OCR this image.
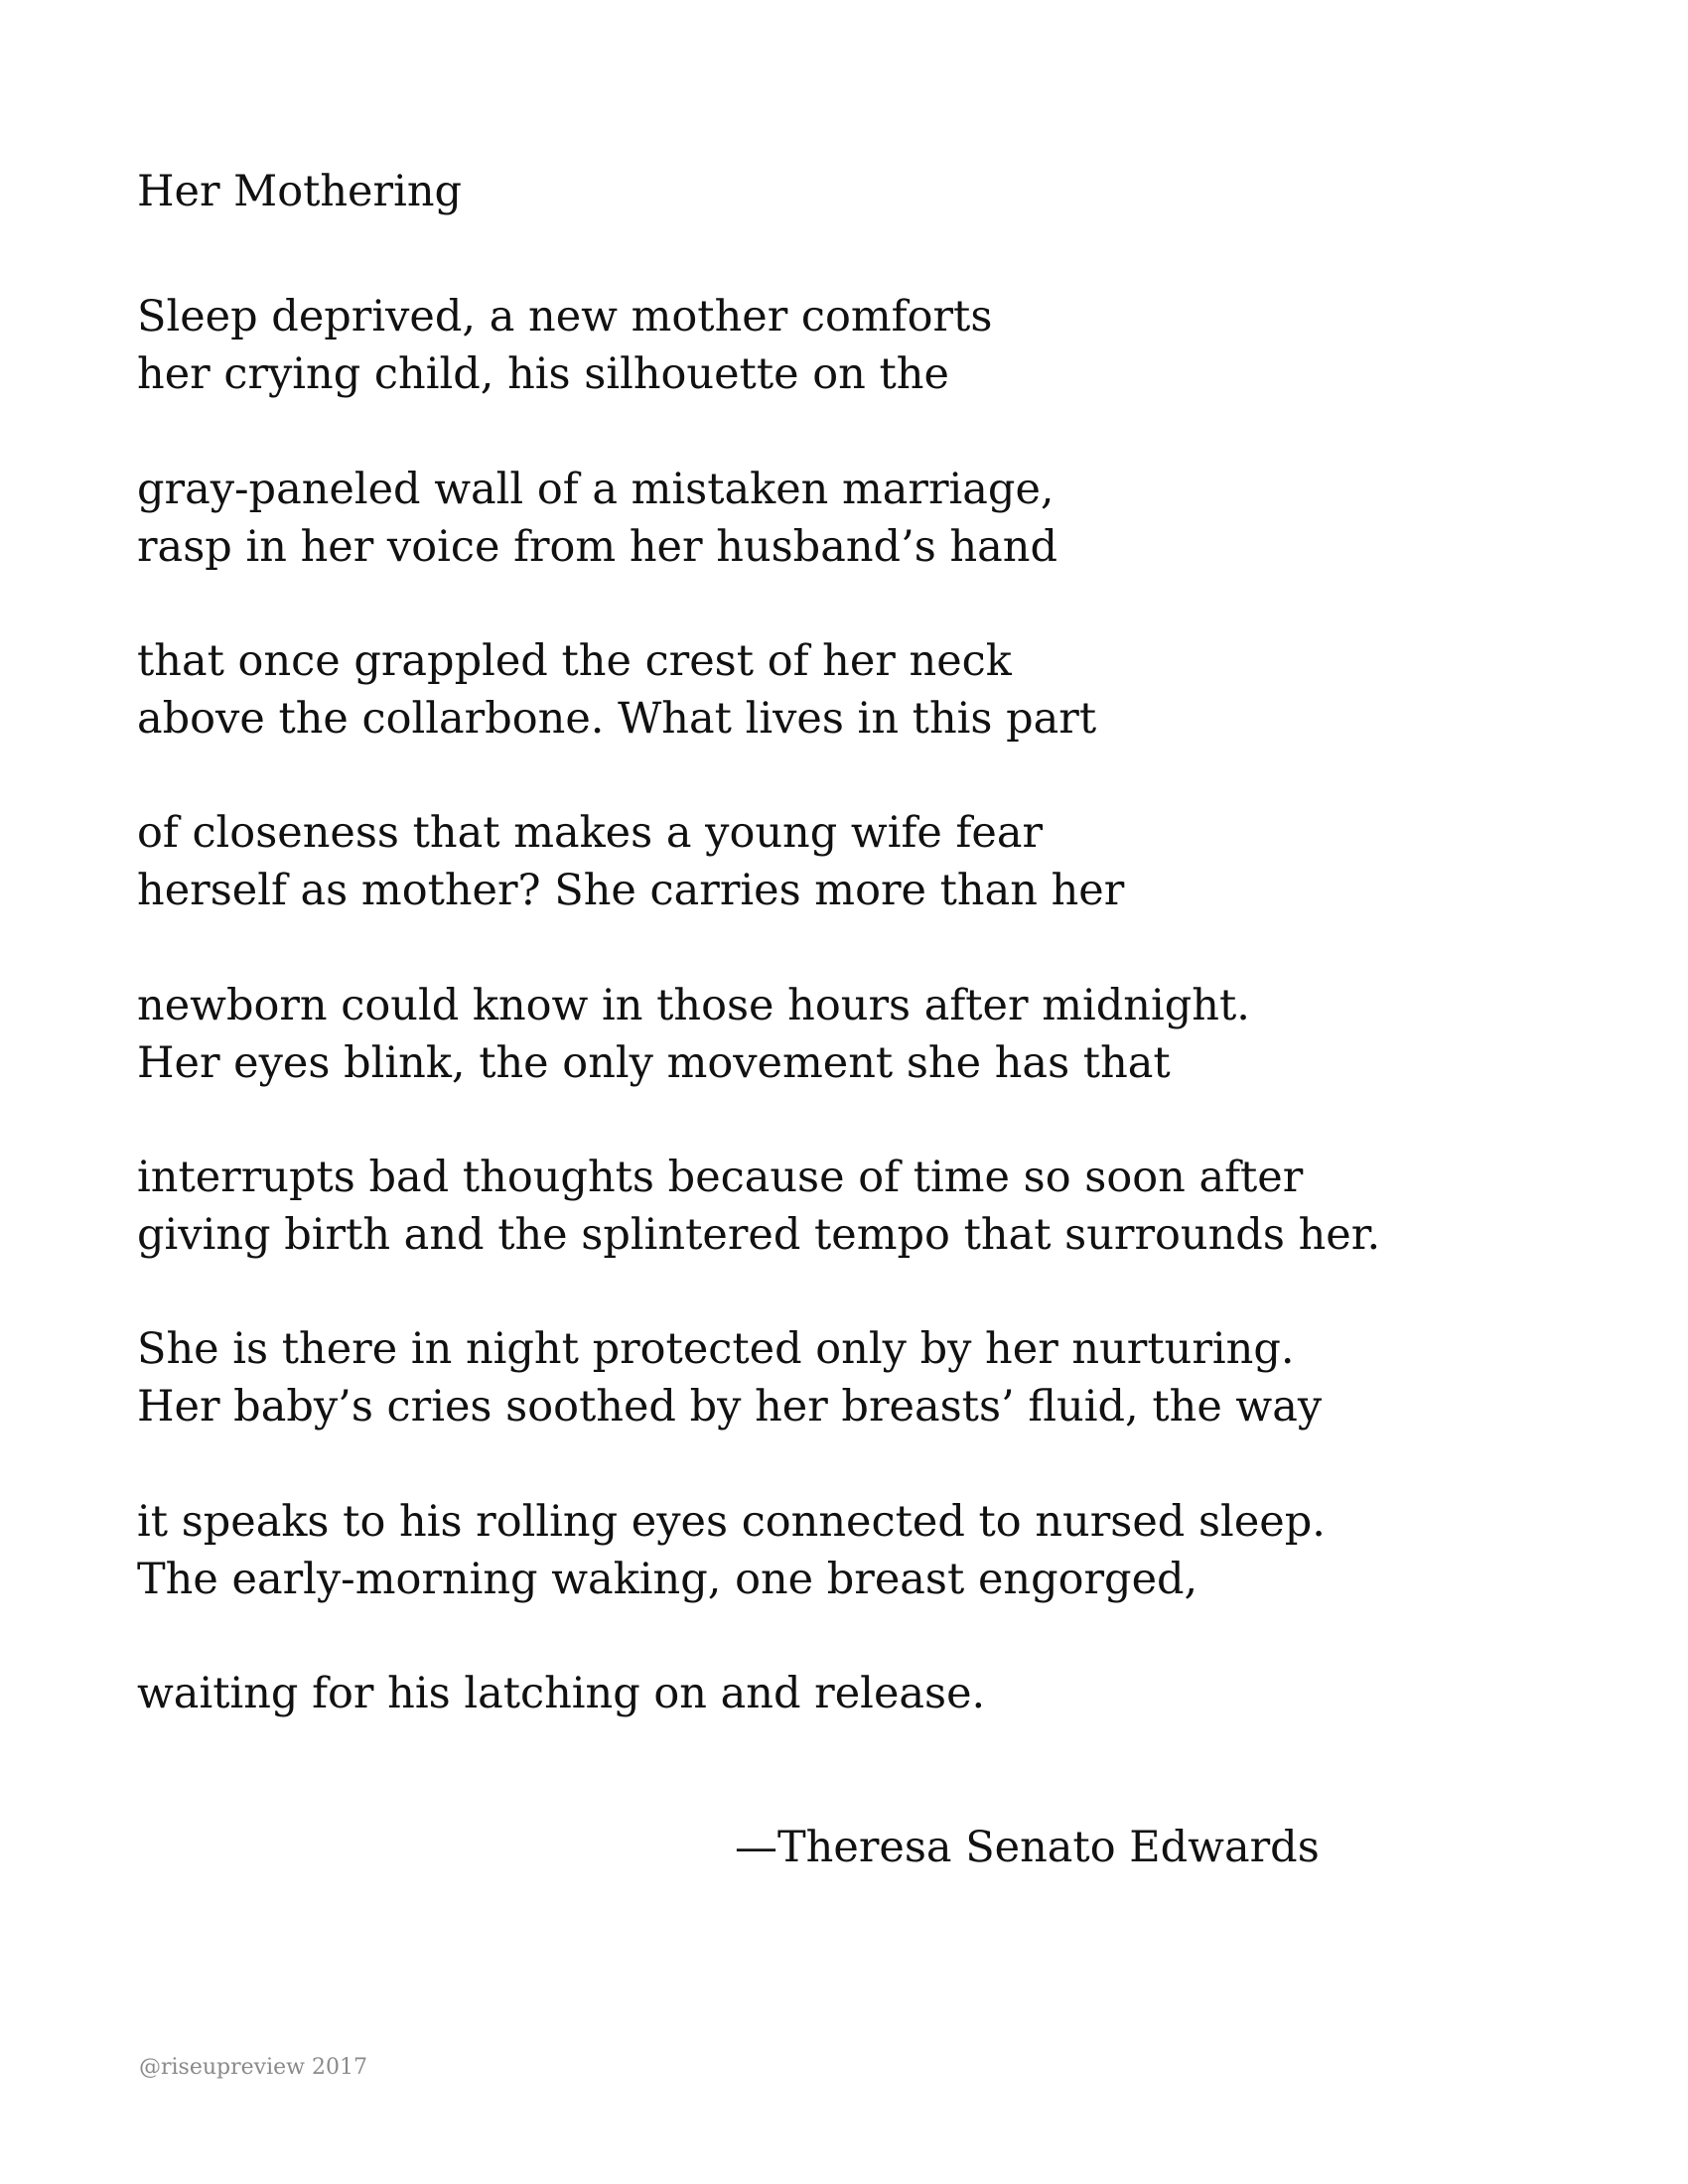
Her Mothering
Sleep deprived, a new mother comforts
her crying child, his silhouette on the
gray-paneled wall of a mistaken marriage,
rasp in her voice from her husband’s hand
that once grappled the crest of her neck
above the collarbone. What lives in this part
of closeness that makes a young wife fear
herself as mother? She carries more than her
newborn could know in those hours after midnight.
Her eyes blink, the only movement she has that
interrupts bad thoughts because of time so soon after
giving birth and the splintered tempo that surrounds her.
She is there in night protected only by her nurturing.
Her baby’s cries soothed by her breasts’ fluid, the way
it speaks to his rolling eyes connected to nursed sleep.
The early-morning waking, one breast engorged,
waiting for his latching on and release.

—Theresa Senato Edwards

@riseupreview 2017
